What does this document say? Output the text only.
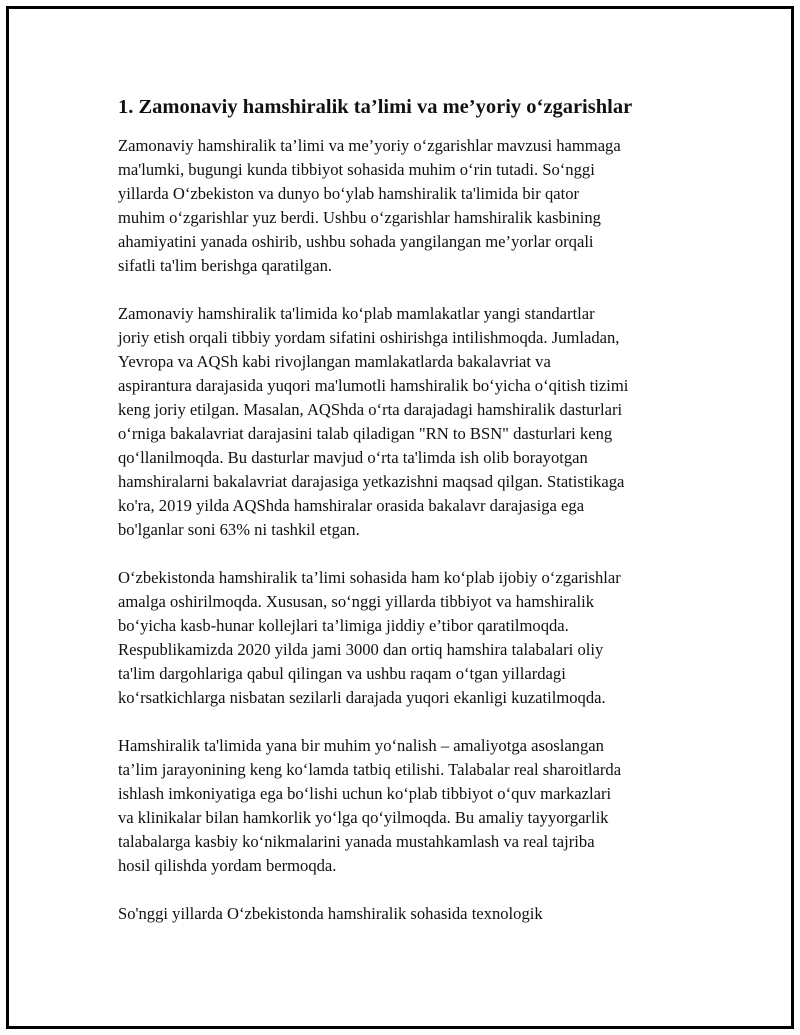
1. Zamonaviy hamshiralik ta’limi va me’yoriy o‘zgarishlar

Zamonaviy hamshiralik ta’limi va me’yoriy o‘zgarishlar mavzusi hammaga
ma'lumki, bugungi kunda tibbiyot sohasida muhim o‘rin tutadi. So‘nggi
yillarda O‘zbekiston va dunyo bo‘ylab hamshiralik ta'limida bir qator
muhim o‘zgarishlar yuz berdi. Ushbu o‘zgarishlar hamshiralik kasbining
ahamiyatini yanada oshirib, ushbu sohada yangilangan me’yorlar orqali
sifatli ta'lim berishga qaratilgan.

Zamonaviy hamshiralik ta'limida ko‘plab mamlakatlar yangi standartlar
joriy etish orqali tibbiy yordam sifatini oshirishga intilishmoqda. Jumladan,
Yevropa va AQSh kabi rivojlangan mamlakatlarda bakalavriat va
aspirantura darajasida yuqori ma'lumotli hamshiralik bo‘yicha o‘qitish tizimi
keng joriy etilgan. Masalan, AQShda o‘rta darajadagi hamshiralik dasturlari
o‘rniga bakalavriat darajasini talab qiladigan "RN to BSN" dasturlari keng
qo‘llanilmoqda. Bu dasturlar mavjud o‘rta ta'limda ish olib borayotgan
hamshiralarni bakalavriat darajasiga yetkazishni maqsad qilgan. Statistikaga
ko'ra, 2019 yilda AQShda hamshiralar orasida bakalavr darajasiga ega
bo'lganlar soni 63% ni tashkil etgan.

O‘zbekistonda hamshiralik ta’limi sohasida ham ko‘plab ijobiy o‘zgarishlar
amalga oshirilmoqda. Xususan, so‘nggi yillarda tibbiyot va hamshiralik
bo‘yicha kasb-hunar kollejlari ta’limiga jiddiy e’tibor qaratilmoqda.
Respublikamizda 2020 yilda jami 3000 dan ortiq hamshira talabalari oliy
ta'lim dargohlariga qabul qilingan va ushbu raqam o‘tgan yillardagi
ko‘rsatkichlarga nisbatan sezilarli darajada yuqori ekanligi kuzatilmoqda.

Hamshiralik ta'limida yana bir muhim yo‘nalish – amaliyotga asoslangan
ta’lim jarayonining keng ko‘lamda tatbiq etilishi. Talabalar real sharoitlarda
ishlash imkoniyatiga ega bo‘lishi uchun ko‘plab tibbiyot o‘quv markazlari
va klinikalar bilan hamkorlik yo‘lga qo‘yilmoqda. Bu amaliy tayyorgarlik
talabalarga kasbiy ko‘nikmalarini yanada mustahkamlash va real tajriba
hosil qilishda yordam bermoqda.

So'nggi yillarda O‘zbekistonda hamshiralik sohasida texnologik
